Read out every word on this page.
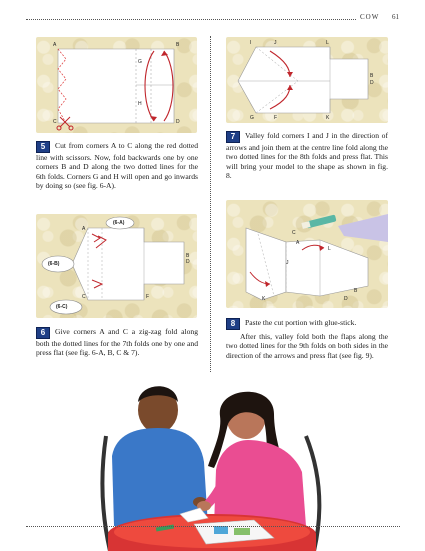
COW 61
A	B
G
H
C	D
5 Cut from corners A to C along the red dotted line with scissors. Now, fold backwards one by one corners B and D along the two dotted lines for the 6th folds. Corners G and H will open and go inwards by doing so (see fig. 6-A).
A
C	F
B
D
(6-A)
(6-B)
(6-C)
6 Give corners A and C a zig-zag fold along both the dotted lines for the 7th folds one by one and press flat (see fig. 6-A, B, C & 7).
I	J	L
B
D
G	F	K
7 Valley fold corners I and J in the direction of arrows and join them at the centre line fold along the two dotted lines for the 8th folds and press flat. This will bring your model to the shape as shown in fig. 8.
C
A
L
J
K
B
D
8 Paste the cut portion with glue-stick.
After this, valley fold both the flaps along the two dotted lines for the 9th folds on both sides in the direction of the arrows and press flat (see fig. 9).
